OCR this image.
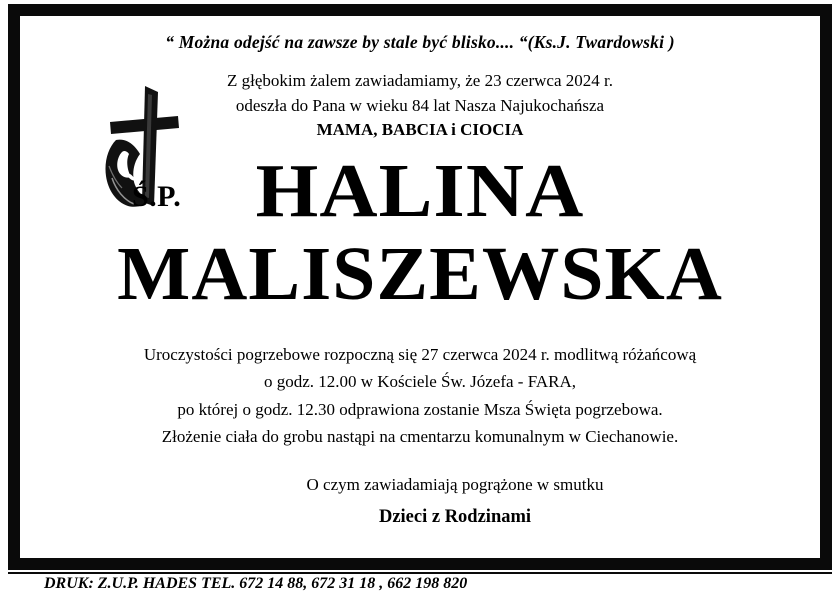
“ Można odejść na zawsze by stale być blisko.... “(Ks.J. Twardowski )
Ś.P.
Z głębokim żalem zawiadamiamy, że 23 czerwca 2024 r.
odeszła do Pana w wieku 84 lat Nasza Najukochańsza
MAMA, BABCIA i CIOCIA
HALINA
MALISZEWSKA
Uroczystości pogrzebowe rozpoczną się 27 czerwca 2024 r. modlitwą różańcową
o godz. 12.00 w Kościele Św. Józefa - FARA,
po której o godz. 12.30 odprawiona zostanie Msza Święta pogrzebowa.
Złożenie ciała do grobu nastąpi na cmentarzu komunalnym w Ciechanowie.
O czym zawiadamiają pogrążone w smutku
Dzieci z Rodzinami
DRUK: Z.U.P. HADES TEL. 672 14 88, 672 31 18 , 662 198 820
